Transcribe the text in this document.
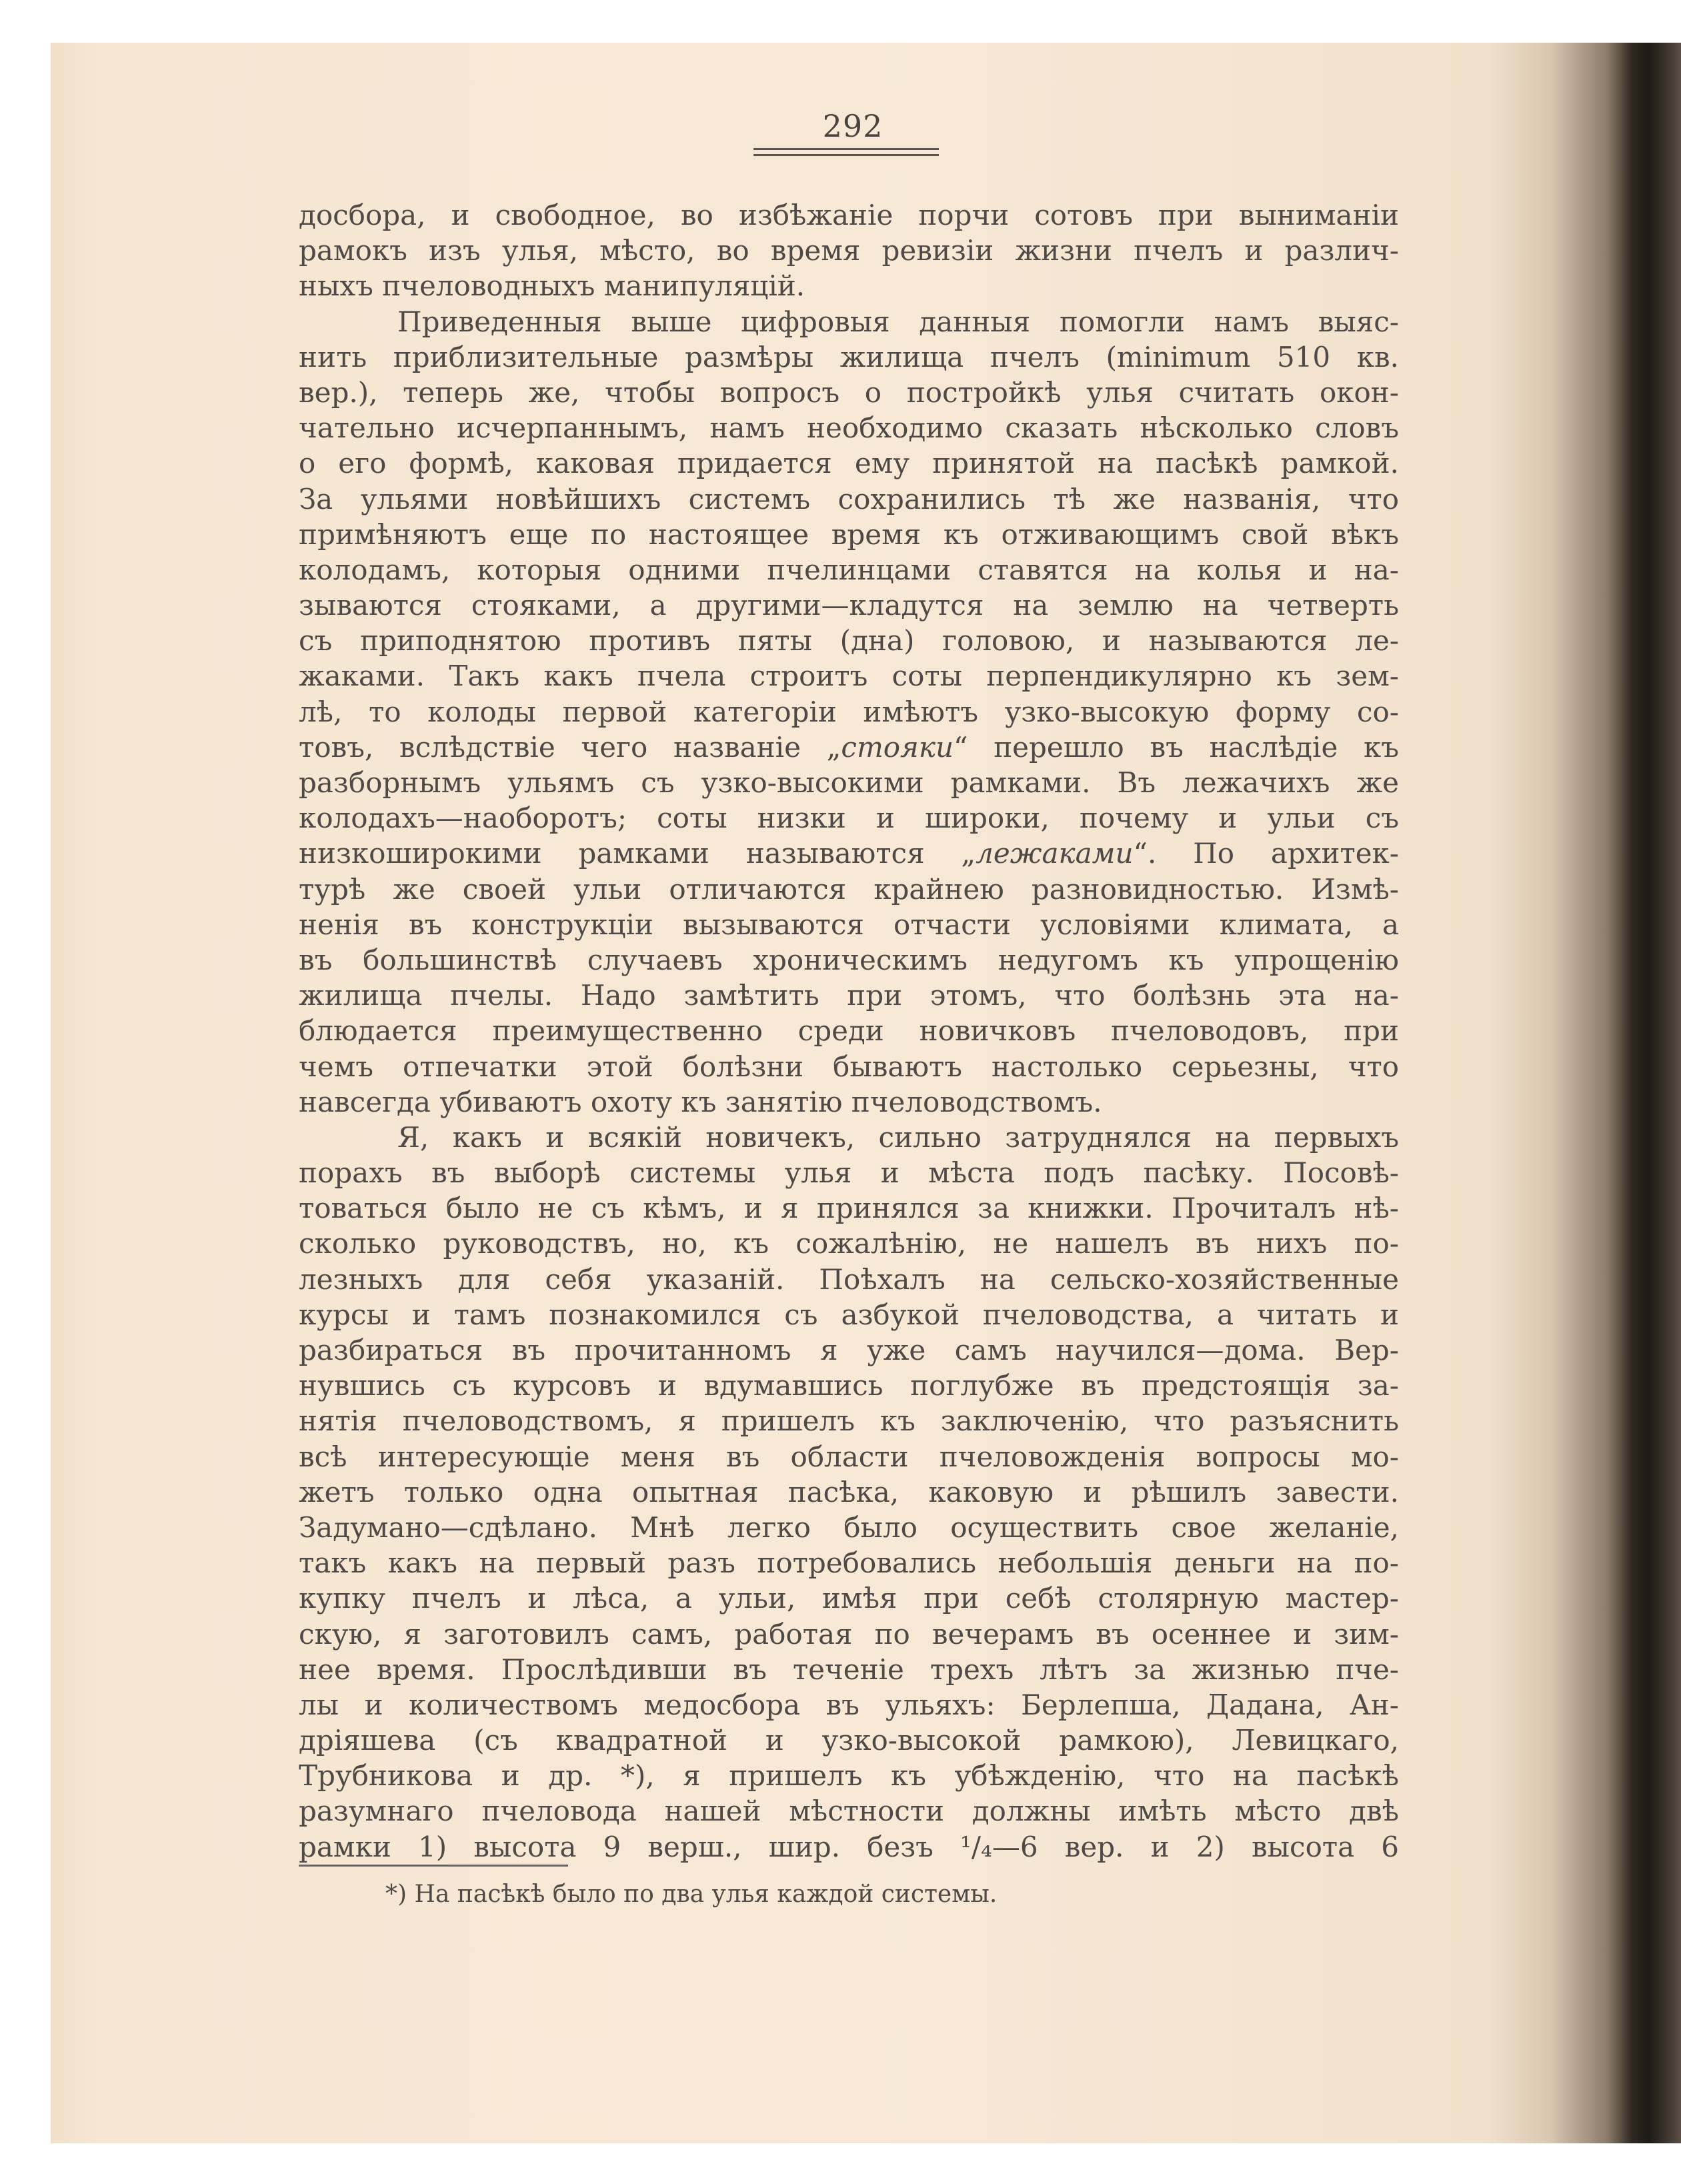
292
досбора, и свободное, во избѣжаніе порчи сотовъ при выниманіи
рамокъ изъ улья, мѣсто, во время ревизіи жизни пчелъ и различ-
ныхъ пчеловодныхъ манипуляцій.
Приведенныя выше цифровыя данныя помогли намъ выяс-
нить приблизительные размѣры жилища пчелъ (minimum 510 кв.
вер.), теперь же, чтобы вопросъ о постройкѣ улья считать окон-
чательно исчерпаннымъ, намъ необходимо сказать нѣсколько словъ
о его формѣ, каковая придается ему принятой на пасѣкѣ рамкой.
За ульями новѣйшихъ системъ сохранились тѣ же названія, что
примѣняютъ еще по настоящее время къ отживающимъ свой вѣкъ
колодамъ, которыя одними пчелинцами ставятся на колья и на-
зываются стояками, а другими—кладутся на землю на четверть
съ приподнятою противъ пяты (дна) головою, и называются ле-
жаками. Такъ какъ пчела строитъ соты перпендикулярно къ зем-
лѣ, то колоды первой категоріи имѣютъ узко-высокую форму со-
товъ, вслѣдствіе чего названіе „стояки“ перешло въ наслѣдіе къ
разборнымъ ульямъ съ узко-высокими рамками. Въ лежачихъ же
колодахъ—наоборотъ; соты низки и широки, почему и ульи съ
низкоширокими рамками называются „лежаками“. По архитек-
турѣ же своей ульи отличаются крайнею разновидностью. Измѣ-
ненія въ конструкціи вызываются отчасти условіями климата, а
въ большинствѣ случаевъ хроническимъ недугомъ къ упрощенію
жилища пчелы. Надо замѣтить при этомъ, что болѣзнь эта на-
блюдается преимущественно среди новичковъ пчеловодовъ, при
чемъ отпечатки этой болѣзни бываютъ настолько серьезны, что
навсегда убиваютъ охоту къ занятію пчеловодствомъ.
Я, какъ и всякій новичекъ, сильно затруднялся на первыхъ
порахъ въ выборѣ системы улья и мѣста подъ пасѣку. Посовѣ-
товаться было не съ кѣмъ, и я принялся за книжки. Прочиталъ нѣ-
сколько руководствъ, но, къ сожалѣнію, не нашелъ въ нихъ по-
лезныхъ для себя указаній. Поѣхалъ на сельско-хозяйственные
курсы и тамъ познакомился съ азбукой пчеловодства, а читать и
разбираться въ прочитанномъ я уже самъ научился—дома. Вер-
нувшись съ курсовъ и вдумавшись поглубже въ предстоящія за-
нятія пчеловодствомъ, я пришелъ къ заключенію, что разъяснить
всѣ интересующіе меня въ области пчеловожденія вопросы мо-
жетъ только одна опытная пасѣка, каковую и рѣшилъ завести.
Задумано—сдѣлано. Мнѣ легко было осуществить свое желаніе,
такъ какъ на первый разъ потребовались небольшія деньги на по-
купку пчелъ и лѣса, а ульи, имѣя при себѣ столярную мастер-
скую, я заготовилъ самъ, работая по вечерамъ въ осеннее и зим-
нее время. Прослѣдивши въ теченіе трехъ лѣтъ за жизнью пче-
лы и количествомъ медосбора въ ульяхъ: Берлепша, Дадана, Ан-
дріяшева (съ квадратной и узко-высокой рамкою), Левицкаго,
Трубникова и др. *), я пришелъ къ убѣжденію, что на пасѣкѣ
разумнаго пчеловода нашей мѣстности должны имѣть мѣсто двѣ
рамки 1) высота 9 верш., шир. безъ ¹/₄—6 вер. и 2) высота 6
*) На пасѣкѣ было по два улья каждой системы.
